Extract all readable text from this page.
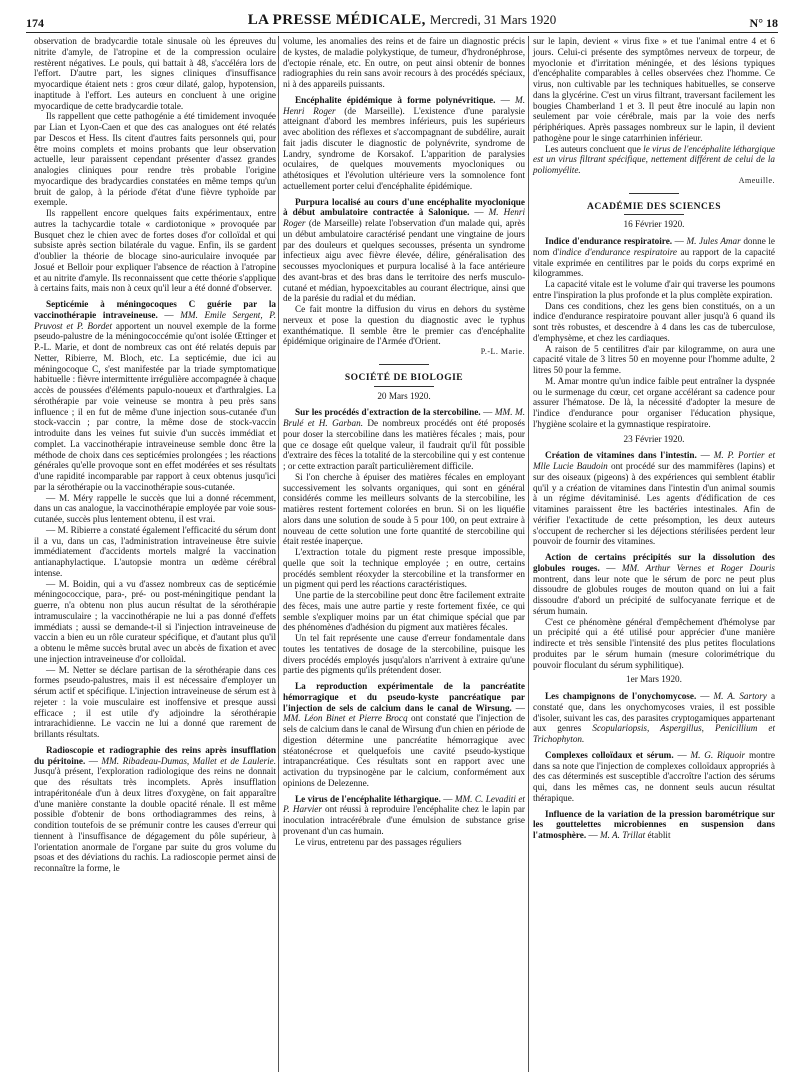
174	LA PRESSE MÉDICALE, Mercredi, 31 Mars 1920	N° 18

observation de bradycardie totale sinusale où les épreuves du nitrite d'amyle, de l'atropine et de la compression oculaire restèrent négatives. Le pouls, qui battait à 48, s'accéléra lors de l'effort. D'autre part, les signes cliniques d'insuffisance myocardique étaient nets : gros cœur dilaté, galop, hypotension, inaptitude à l'effort. Les auteurs en concluent à une origine myocardique de cette bradycardie totale.

Ils rappellent que cette pathogénie a été timidement invoquée par Lian et Lyon-Caen et que des cas analogues ont été relatés par Descos et Hess. Ils citent d'autres faits personnels qui, pour être moins complets et moins probants que leur observation actuelle, leur paraissent cependant présenter d'assez grandes analogies cliniques pour rendre très probable l'origine myocardique des bradycardies constatées en même temps qu'un bruit de galop, à la période d'état d'une fièvre typhoïde par exemple.

Ils rappellent encore quelques faits expérimentaux, entre autres la tachycardie totale « cardiotonique » provoquée par Busquet chez le chien avec de fortes doses d'or colloïdal et qui subsiste après section bilatérale du vague. Enfin, ils se gardent d'oublier la théorie de blocage sino-auriculaire invoquée par Josué et Belloir pour expliquer l'absence de réaction à l'atropine et au nitrite d'amyle. Ils reconnaissent que cette théorie s'applique à certains faits, mais non à ceux qu'il leur a été donné d'observer.

Septicémie à méningocoques C guérie par la vaccinothérapie intraveineuse. — MM. Emile Sergent, P. Pruvost et P. Bordet apportent un nouvel exemple de la forme pseudo-palustre de la méningococcémie qu'ont isolée Œttinger et P.-L. Marie, et dont de nombreux cas ont été relatés depuis par Netter, Ribierre, M. Bloch, etc. La septicémie, due ici au méningocoque C, s'est manifestée par la triade symptomatique habituelle : fièvre intermittente irrégulière accompagnée à chaque accès de poussées d'éléments papulo-noueux et d'arthralgies. La sérothérapie par voie veineuse se montra à peu près sans influence ; il en fut de même d'une injection sous-cutanée d'un stock-vaccin ; par contre, la même dose de stock-vaccin introduite dans les veines fut suivie d'un succès immédiat et complet. La vaccinothérapie intraveineuse semble donc être la méthode de choix dans ces septicémies prolongées ; les réactions générales qu'elle provoque sont en effet modérées et ses résultats d'une rapidité incomparable par rapport à ceux obtenus jusqu'ici par la sérothérapie ou la vaccinothérapie sous-cutanée.

— M. Méry rappelle le succès que lui a donné récemment, dans un cas analogue, la vaccinothérapie employée par voie sous-cutanée, succès plus lentement obtenu, il est vrai.

— M. Ribierre a constaté également l'efficacité du sérum dont il a vu, dans un cas, l'administration intraveineuse être suivie immédiatement d'accidents mortels malgré la vaccination antianaphylactique. L'autopsie montra un œdème cérébral intense.

— M. Boidin, qui a vu d'assez nombreux cas de septicémie méningococcique, para-, pré- ou post-méningitique pendant la guerre, n'a obtenu non plus aucun résultat de la sérothérapie intramusculaire ; la vaccinothérapie ne lui a pas donné d'effets immédiats ; aussi se demande-t-il si l'injection intraveineuse de vaccin a bien eu un rôle curateur spécifique, et d'autant plus qu'il a obtenu le même succès brutal avec un abcès de fixation et avec une injection intraveineuse d'or colloïdal.

— M. Netter se déclare partisan de la sérothérapie dans ces formes pseudo-palustres, mais il est nécessaire d'employer un sérum actif et spécifique. L'injection intraveineuse de sérum est à rejeter : la voie musculaire est inoffensive et presque aussi efficace ; il est utile d'y adjoindre la sérothérapie intrarachidienne. Le vaccin ne lui a donné que rarement de brillants résultats.

Radioscopie et radiographie des reins après insufflation du péritoine. — MM. Ribadeau-Dumas, Mallet et de Laulerie. Jusqu'à présent, l'exploration radiologique des reins ne donnait que des résultats très incomplets. Après insufflation intrapéritonéale d'un à deux litres d'oxygène, on fait apparaître d'une manière constante la double opacité rénale. Il est même possible d'obtenir de bons orthodiagrammes des reins, à condition toutefois de se prémunir contre les causes d'erreur qui tiennent à l'insuffisance de dégagement du pôle supérieur, à l'orientation anormale de l'organe par suite du gros volume du psoas et des déviations du rachis. La radioscopie permet ainsi de reconnaître la forme, le

volume, les anomalies des reins et de faire un diagnostic précis de kystes, de maladie polykystique, de tumeur, d'hydronéphrose, d'ectopie rénale, etc. En outre, on peut ainsi obtenir de bonnes radiographies du rein sans avoir recours à des procédés spéciaux, ni à des appareils puissants.

Encéphalite épidémique à forme polynévritique. — M. Henri Roger (de Marseille). L'existence d'une paralysie atteignant d'abord les membres inférieurs, puis les supérieurs avec abolition des réflexes et s'accompagnant de subdélire, aurait fait jadis discuter le diagnostic de polynévrite, syndrome de Landry, syndrome de Korsakof. L'apparition de paralysies oculaires, de quelques mouvements myocloniques ou athétosiques et l'évolution ultérieure vers la somnolence font actuellement porter celui d'encéphalite épidémique.

Purpura localisé au cours d'une encéphalite myoclonique à début ambulatoire contractée à Salonique. — M. Henri Roger (de Marseille) relate l'observation d'un malade qui, après un début ambulatoire caractérisé pendant une vingtaine de jours par des douleurs et quelques secousses, présenta un syndrome infectieux aigu avec fièvre élevée, délire, généralisation des secousses myocloniques et purpura localisé à la face antérieure des avant-bras et des bras dans le territoire des nerfs musculo-cutané et médian, hypoexcitables au courant électrique, ainsi que de la parésie du radial et du médian.

Ce fait montre la diffusion du virus en dehors du système nerveux et pose la question du diagnostic avec le typhus exanthématique. Il semble être le premier cas d'encéphalite épidémique originaire de l'Armée d'Orient.

P.-L. Marie.
SOCIÉTÉ DE BIOLOGIE
20 Mars 1920.

Sur les procédés d'extraction de la stercobiline. — MM. M. Brulé et H. Garban. De nombreux procédés ont été proposés pour doser la stercobiline dans les matières fécales ; mais, pour que ce dosage eût quelque valeur, il faudrait qu'il fût possible d'extraire des fèces la totalité de la stercobiline qui y est contenue ; or cette extraction paraît particulièrement difficile.

Si l'on cherche à épuiser des matières fécales en employant successivement les solvants organiques, qui sont en général considérés comme les meilleurs solvants de la stercobiline, les matières restent fortement colorées en brun. Si on les liquéfie alors dans une solution de soude à 5 pour 100, on peut extraire à nouveau de cette solution une forte quantité de stercobiline qui était restée inaperçue.

L'extraction totale du pigment reste presque impossible, quelle que soit la technique employée ; en outre, certains procédés semblent réoxyder la stercobiline et la transformer en un pigment qui perd les réactions caractéristiques.

Une partie de la stercobiline peut donc être facilement extraite des fèces, mais une autre partie y reste fortement fixée, ce qui semble s'expliquer moins par un état chimique spécial que par des phénomènes d'adhésion du pigment aux matières fécales.

Un tel fait représente une cause d'erreur fondamentale dans toutes les tentatives de dosage de la stercobiline, puisque les divers procédés employés jusqu'alors n'arrivent à extraire qu'une partie des pigments qu'ils prétendent doser.

La reproduction expérimentale de la pancréatite hémorragique et du pseudo-kyste pancréatique par l'injection de sels de calcium dans le canal de Wirsung. — MM. Léon Binet et Pierre Brocq ont constaté que l'injection de sels de calcium dans le canal de Wirsung d'un chien en période de digestion détermine une pancréatite hémorragique avec stéatonécrose et quelquefois une cavité pseudo-kystique intrapancréatique. Ces résultats sont en rapport avec une activation du trypsinogène par le calcium, conformément aux opinions de Delezenne.

Le virus de l'encéphalite léthargique. — MM. C. Levaditi et P. Harvier ont réussi à reproduire l'encéphalite chez le lapin par inoculation intracérébrale d'une émulsion de substance grise provenant d'un cas humain.

Le virus, entretenu par des passages réguliers

sur le lapin, devient « virus fixe » et tue l'animal entre 4 et 6 jours. Celui-ci présente des symptômes nerveux de torpeur, de myoclonie et d'irritation méningée, et des lésions typiques d'encéphalite comparables à celles observées chez l'homme. Ce virus, non cultivable par les techniques habituelles, se conserve dans la glycérine. C'est un virus filtrant, traversant facilement les bougies Chamberland 1 et 3. Il peut être inoculé au lapin non seulement par voie cérébrale, mais par la voie des nerfs périphériques. Après passages nombreux sur le lapin, il devient pathogène pour le singe catarrhinien inférieur.

Les auteurs concluent que le virus de l'encéphalite léthargique est un virus filtrant spécifique, nettement différent de celui de la poliomyélite.

Ameuille.
ACADÉMIE DES SCIENCES
16 Février 1920.

Indice d'endurance respiratoire. — M. Jules Amar donne le nom d'indice d'endurance respiratoire au rapport de la capacité vitale exprimée en centilitres par le poids du corps exprimé en kilogrammes.

La capacité vitale est le volume d'air qui traverse les poumons entre l'inspiration la plus profonde et la plus complète expiration.

Dans ces conditions, chez les gens bien constitués, on a un indice d'endurance respiratoire pouvant aller jusqu'à 6 quand ils sont très robustes, et descendre à 4 dans les cas de tuberculose, d'emphysème, et chez les cardiaques.

A raison de 5 centilitres d'air par kilogramme, on aura une capacité vitale de 3 litres 50 en moyenne pour l'homme adulte, 2 litres 50 pour la femme.

M. Amar montre qu'un indice faible peut entraîner la dyspnée ou le surmenage du cœur, cet organe accélérant sa cadence pour assurer l'hématose. De là, la nécessité d'adopter la mesure de l'indice d'endurance pour organiser l'éducation physique, l'hygiène scolaire et la gymnastique respiratoire.

23 Février 1920.

Création de vitamines dans l'intestin. — M. P. Portier et Mlle Lucie Baudoin ont procédé sur des mammifères (lapins) et sur des oiseaux (pigeons) à des expériences qui semblent établir qu'il y a création de vitamines dans l'intestin d'un animal soumis à un régime dévitaminisé. Les agents d'édification de ces vitamines paraissent être les bactéries intestinales. Afin de vérifier l'exactitude de cette présomption, les deux auteurs s'occupent de rechercher si les déjections stérilisées perdent leur pouvoir de fournir des vitamines.

Action de certains précipités sur la dissolution des globules rouges. — MM. Arthur Vernes et Roger Douris montrent, dans leur note que le sérum de porc ne peut plus dissoudre de globules rouges de mouton quand on lui a fait dissoudre d'abord un précipité de sulfocyanate ferrique et de sérum humain.

C'est ce phénomène général d'empêchement d'hémolyse par un précipité qui a été utilisé pour apprécier d'une manière indirecte et très sensible l'intensité des plus petites floculations produites par le sérum humain (mesure colorimétrique du pouvoir floculant du sérum syphilitique).

1er Mars 1920.

Les champignons de l'onychomycose. — M. A. Sartory a constaté que, dans les onychomycoses vraies, il est possible d'isoler, suivant les cas, des parasites cryptogamiques appartenant aux genres Scopulariopsis, Aspergillus, Penicillium et Trichophyton.

Complexes colloïdaux et sérum. — M. G. Riquoir montre dans sa note que l'injection de complexes colloïdaux appropriés à des cas déterminés est susceptible d'accroître l'action des sérums qui, dans les mêmes cas, ne donnent seuls aucun résultat thérapique.

Influence de la variation de la pression barométrique sur les gouttelettes microbiennes en suspension dans l'atmosphère. — M. A. Trillat établit
